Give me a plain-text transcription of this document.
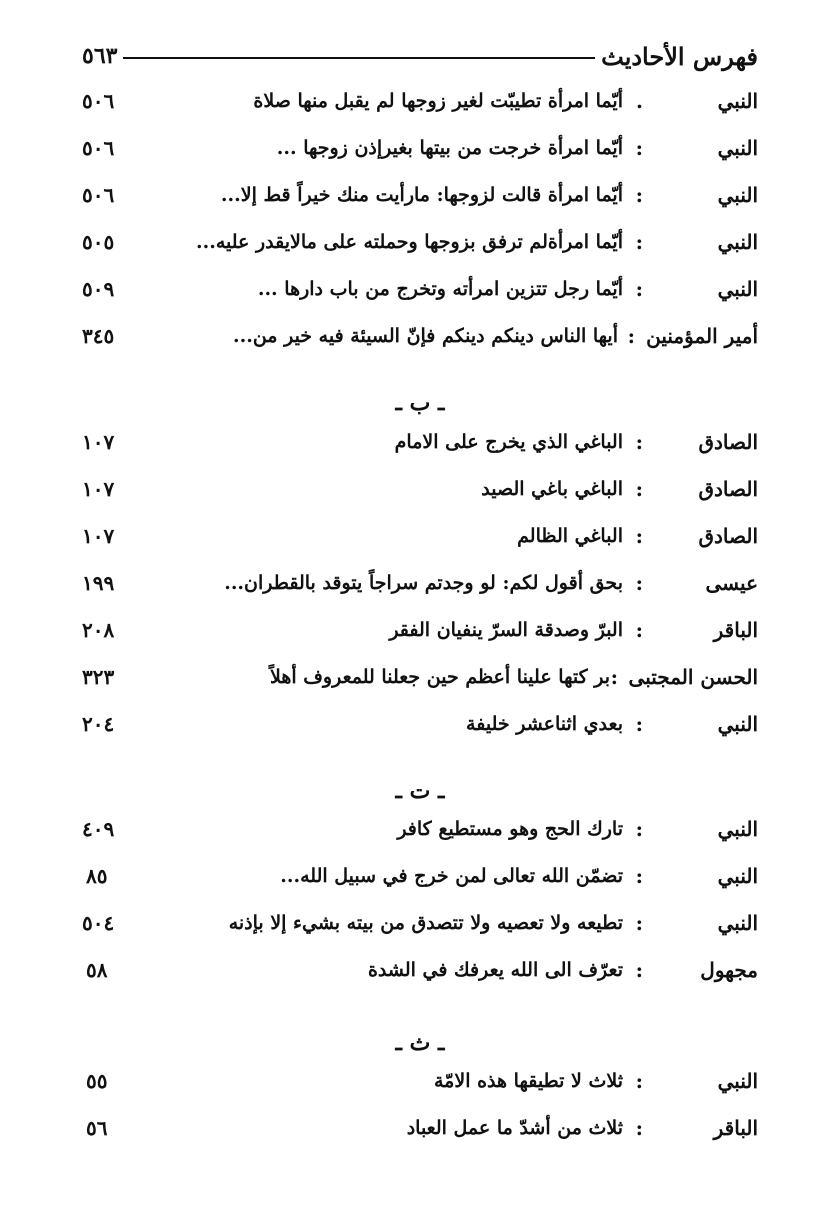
فهرس الأحاديث
٥٦٣
النبي
.
أيّما امرأة تطيبّت لغير زوجها لم يقبل منها صلاة
٥٠٦
النبي
:
أيّما امرأة خرجت من بيتها بغيرإذن زوجها ...
٥٠٦
النبي
:
أيّما امرأة قالت لزوجها: مارأيت منك خيراً قط إلا...
٥٠٦
النبي
:
أيّما امرأةلم ترفق بزوجها وحملته على مالايقدر عليه...
٥٠٥
النبي
:
أيّما رجل تتزين امرأته وتخرج من باب دارها ...
٥٠٩
أمير المؤمنين
:
أيها الناس دينكم دينكم فإنّ السيئة فيه خير من...
٣٤٥
ـ ب ـ
الصادق
:
الباغي الذي يخرج على الامام
١٠٧
الصادق
:
الباغي باغي الصيد
١٠٧
الصادق
:
الباغي الظالم
١٠٧
عيسى
:
بحق أقول لكم: لو وجدتم سراجاً يتوقد بالقطران...
١٩٩
الباقر
:
البرّ وصدقة السرّ ينفيان الفقر
٢٠٨
الحسن المجتبى
:
بر كتها علينا أعظم حين جعلنا للمعروف أهلاً
٣٢٣
النبي
:
بعدي اثناعشر خليفة
٢٠٤
ـ ت ـ
النبي
:
تارك الحج وهو مستطيع كافر
٤٠٩
النبي
:
تضمّن الله تعالى لمن خرج في سبيل الله...
٨٥
النبي
:
تطيعه ولا تعصيه ولا تتصدق من بيته بشيء إلا بإذنه
٥٠٤
مجهول
:
تعرّف الى الله يعرفك في الشدة
٥٨
ـ ث ـ
النبي
:
ثلاث لا تطيقها هذه الامّة
٥٥
الباقر
:
ثلاث من أشدّ ما عمل العباد
٥٦
